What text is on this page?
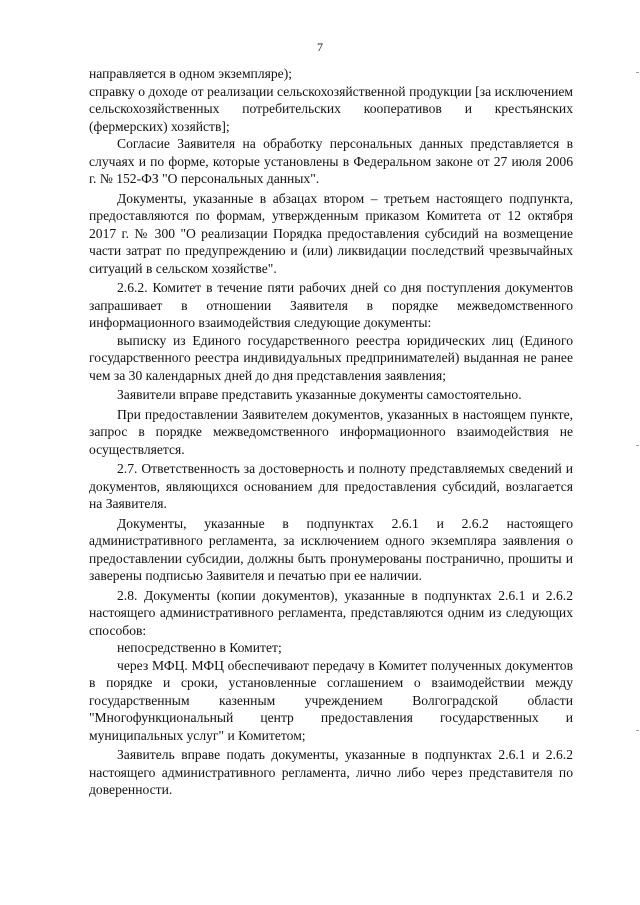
7

направляется в одном экземпляре);

справку о доходе от реализации сельскохозяйственной продукции [за исключением сельскохозяйственных потребительских кооперативов и крестьянских (фермерских) хозяйств];

Согласие Заявителя на обработку персональных данных представляется в случаях и по форме, которые установлены в Федеральном законе от 27 июля 2006 г. № 152-ФЗ "О персональных данных".

Документы, указанные в абзацах втором – третьем настоящего подпункта, предоставляются по формам, утвержденным приказом Комитета от 12 октября 2017 г. № 300 "О реализации Порядка предоставления субсидий на возмещение части затрат по предупреждению и (или) ликвидации последствий чрезвычайных ситуаций в сельском хозяйстве".

2.6.2. Комитет в течение пяти рабочих дней со дня поступления документов запрашивает в отношении Заявителя в порядке межведомственного информационного взаимодействия следующие документы:

выписку из Единого государственного реестра юридических лиц (Единого государственного реестра индивидуальных предпринимателей) выданная не ранее чем за 30 календарных дней до дня представления заявления;

Заявители вправе представить указанные документы самостоятельно.

При предоставлении Заявителем документов, указанных в настоящем пункте, запрос в порядке межведомственного информационного взаимодействия не осуществляется.

2.7. Ответственность за достоверность и полноту представляемых сведений и документов, являющихся основанием для предоставления субсидий, возлагается на Заявителя.

Документы, указанные в подпунктах 2.6.1 и 2.6.2 настоящего административного регламента, за исключением одного экземпляра заявления о предоставлении субсидии, должны быть пронумерованы постранично, прошиты и заверены подписью Заявителя и печатью при ее наличии.

2.8. Документы (копии документов), указанные в подпунктах 2.6.1 и 2.6.2 настоящего административного регламента, представляются одним из следующих способов:

непосредственно в Комитет;

через МФЦ. МФЦ обеспечивают передачу в Комитет полученных документов в порядке и сроки, установленные соглашением о взаимодействии между государственным казенным учреждением Волгоградской области "Многофункциональный центр предоставления государственных и муниципальных услуг" и Комитетом;

Заявитель вправе подать документы, указанные в подпунктах 2.6.1 и 2.6.2 настоящего административного регламента, лично либо через представителя по доверенности.
